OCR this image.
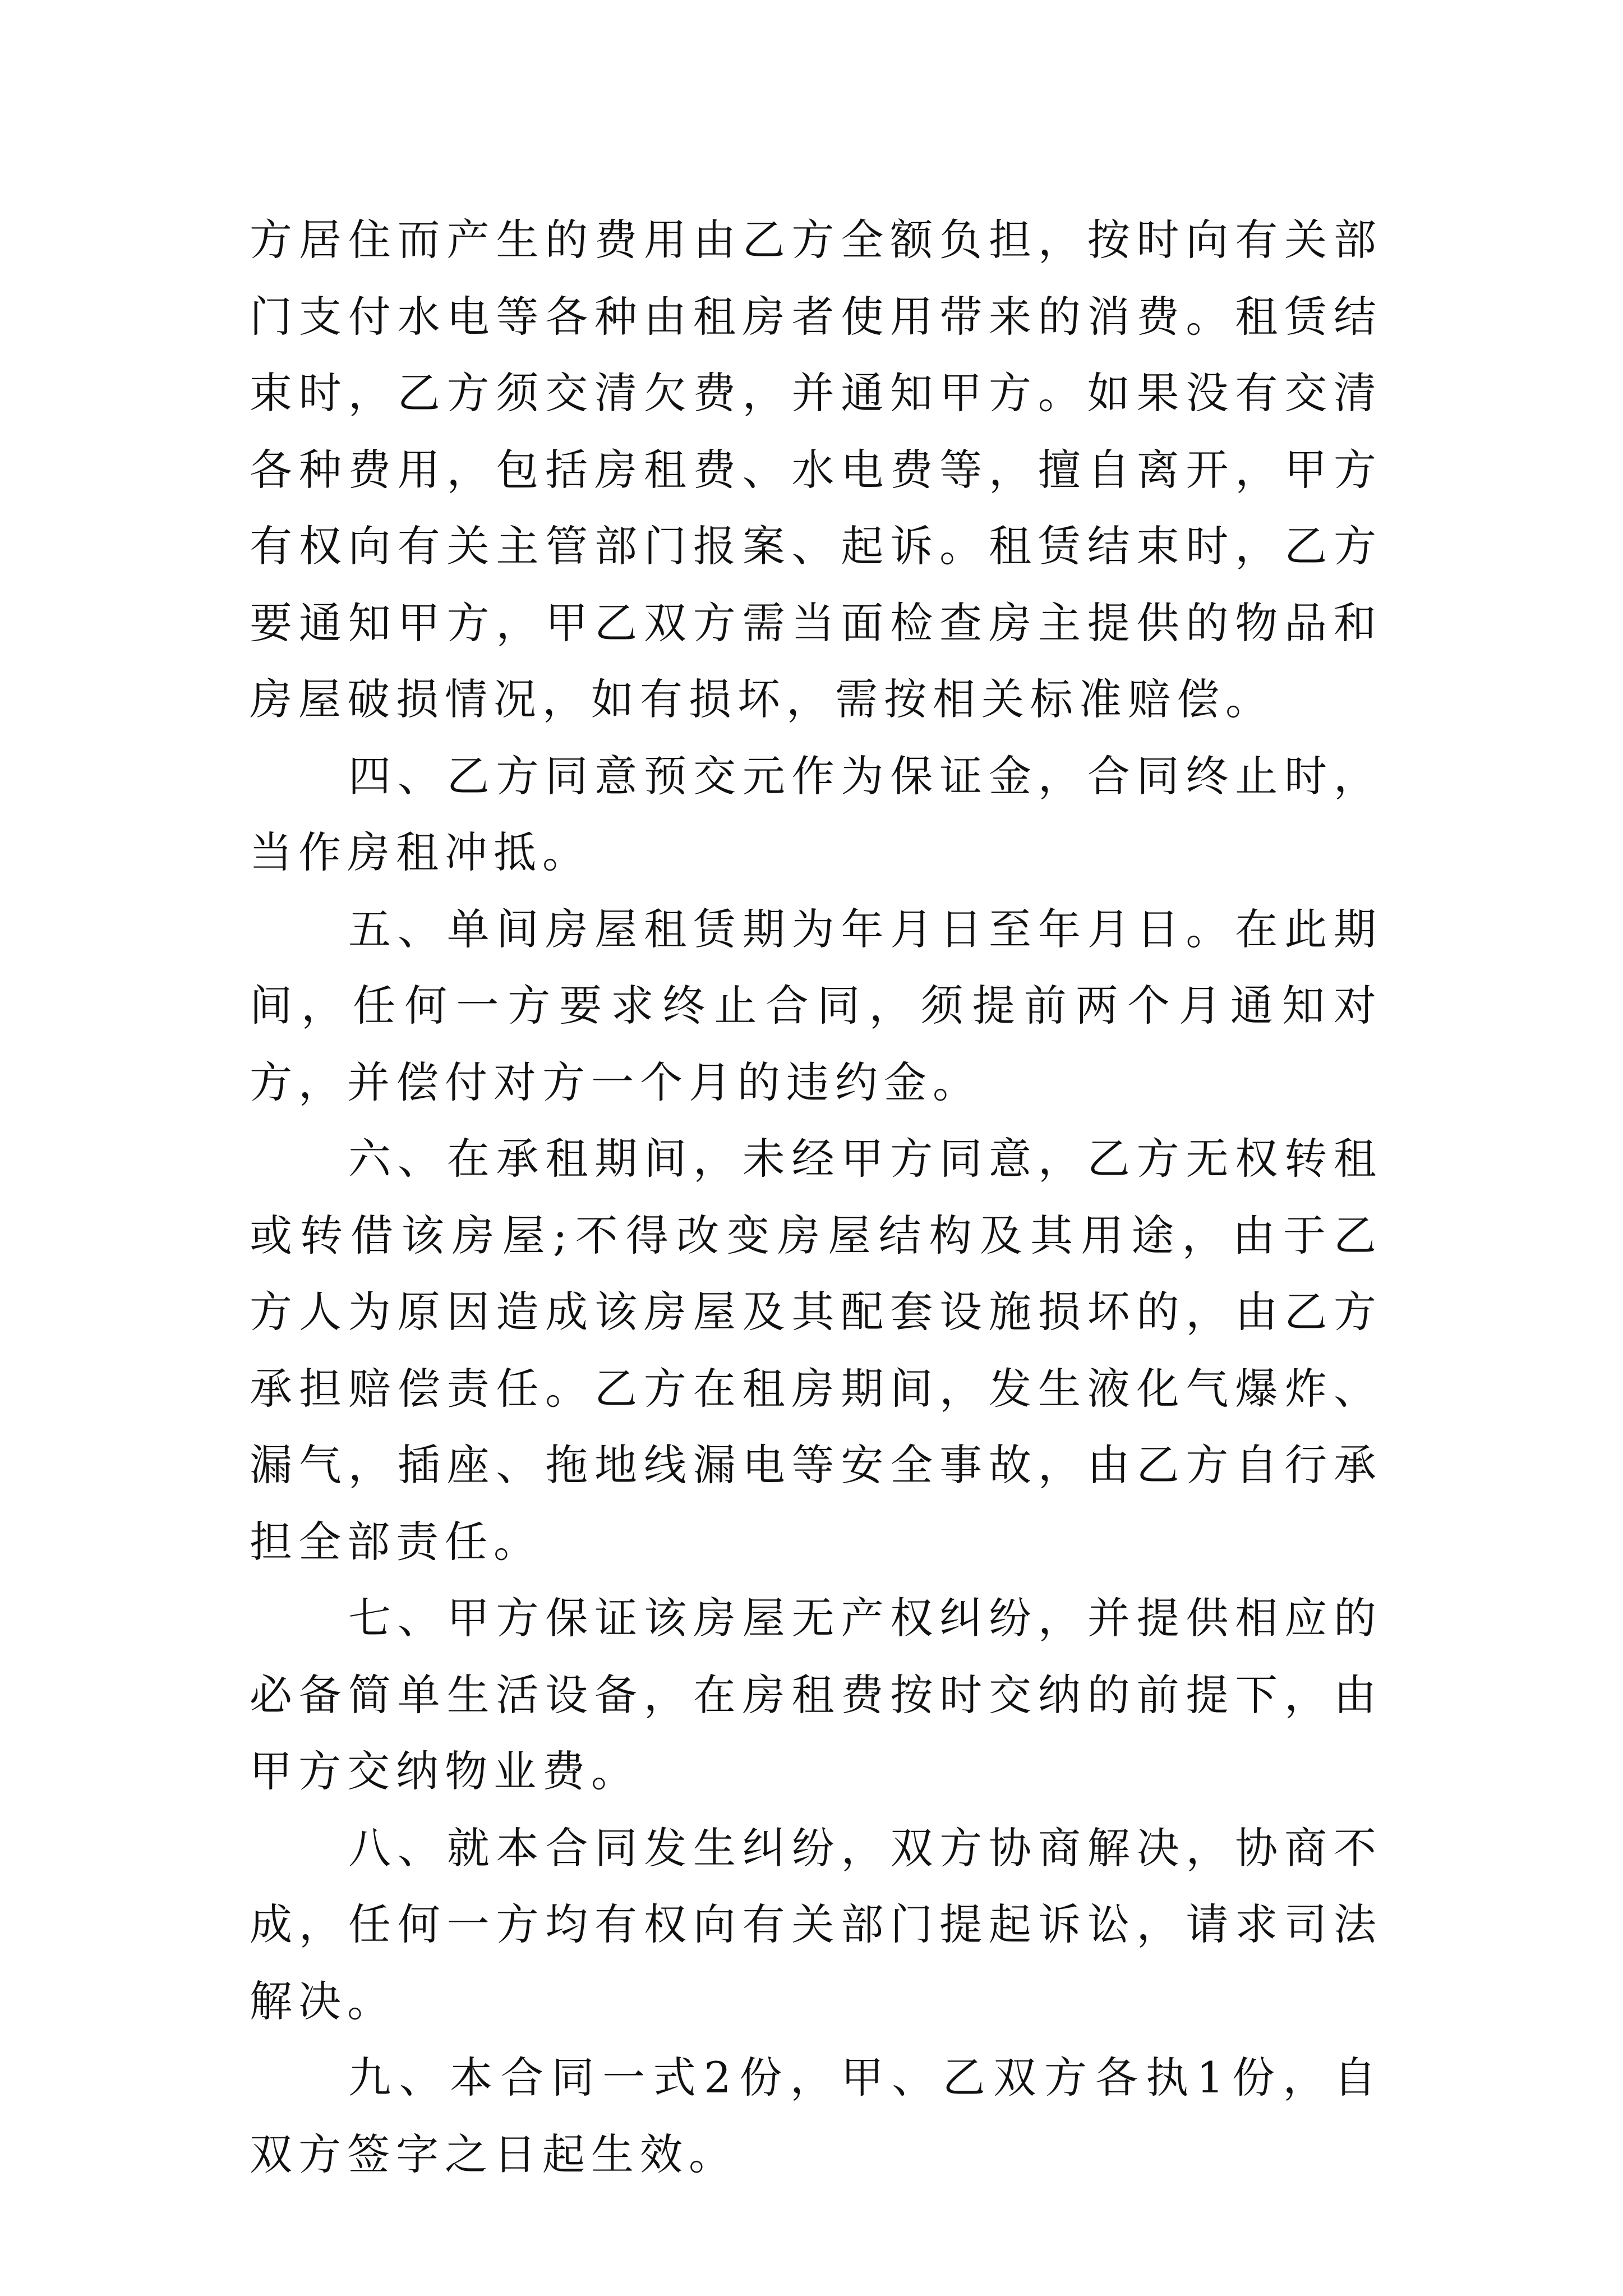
方居住而产生的费用由乙方全额负担，按时向有关部门支付水电等各种由租房者使用带来的消费。租赁结束时，乙方须交清欠费，并通知甲方。如果没有交清各种费用，包括房租费、水电费等，擅自离开，甲方有权向有关主管部门报案、起诉。租赁结束时，乙方要通知甲方，甲乙双方需当面检查房主提供的物品和房屋破损情况，如有损坏，需按相关标准赔偿。

四、乙方同意预交元作为保证金，合同终止时，当作房租冲抵。

五、单间房屋租赁期为年月日至年月日。在此期间，任何一方要求终止合同，须提前两个月通知对方，并偿付对方一个月的违约金。

六、在承租期间，未经甲方同意，乙方无权转租或转借该房屋;不得改变房屋结构及其用途，由于乙方人为原因造成该房屋及其配套设施损坏的，由乙方承担赔偿责任。乙方在租房期间，发生液化气爆炸、漏气，插座、拖地线漏电等安全事故，由乙方自行承担全部责任。

七、甲方保证该房屋无产权纠纷，并提供相应的必备简单生活设备，在房租费按时交纳的前提下，由甲方交纳物业费。

八、就本合同发生纠纷，双方协商解决，协商不成，任何一方均有权向有关部门提起诉讼，请求司法解决。

九、本合同一式2份，甲、乙双方各执1份，自双方签字之日起生效。
